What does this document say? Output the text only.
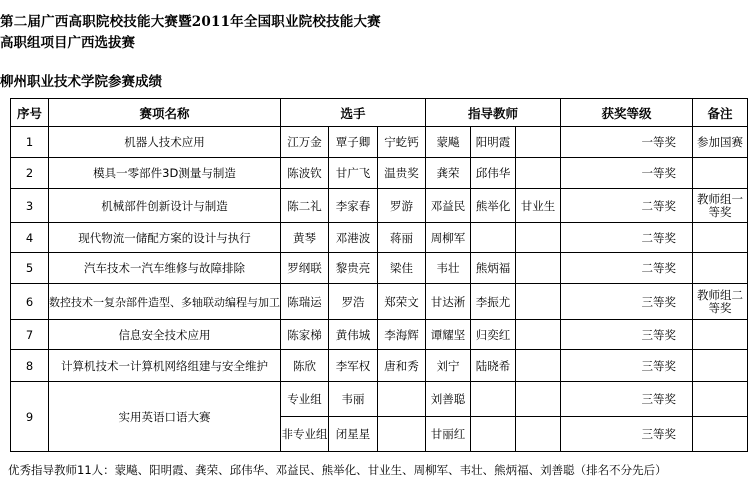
第二届广西高职院校技能大赛暨2011年全国职业院校技能大赛
高职组项目广西选拔赛
柳州职业技术学院参赛成绩
序号	赛项名称	选手			指导教师			获奖等级	备注
1	机器人技术应用	江万金	覃子卿	宁虼钙	蒙飚	阳明霞		一等奖	参加国赛
2	模具一零部件3D测量与制造	陈波钦	甘广飞	温贵奖	龚荣	邱伟华		一等奖	
3	机械部件创新设计与制造	陈二礼	李家春	罗游	邓益民	熊举化	甘业生	二等奖	教师组一等奖
4	现代物流一储配方案的设计与执行	黄琴	邓港波	蒋丽	周柳军			二等奖	
5	汽车技术一汽车维修与故障排除	罗纲联	黎贵亮	梁佳	韦壮	熊炳福		二等奖	
6	数控技术一复杂部件造型、多轴联动编程与加工	陈瑞运	罗浩	郑荣文	甘达淅	李振尤		三等奖	教师组二等奖
7	信息安全技术应用	陈家梯	黄伟城	李海辉	谭耀坚	归奕红		三等奖	
8	计算机技术一计算机网络组建与安全维护	陈欣	李军权	唐和秀	刘宁	陆晓希		三等奖	
9	实用英语口语大赛	专业组	韦丽		刘善聪			三等奖	
		非专业组	闭星星		甘丽红			三等奖	
优秀指导教师11人：蒙飚、阳明霞、龚荣、邱伟华、邓益民、熊举化、甘业生、周柳军、韦壮、熊炳福、刘善聪（排名不分先后）
